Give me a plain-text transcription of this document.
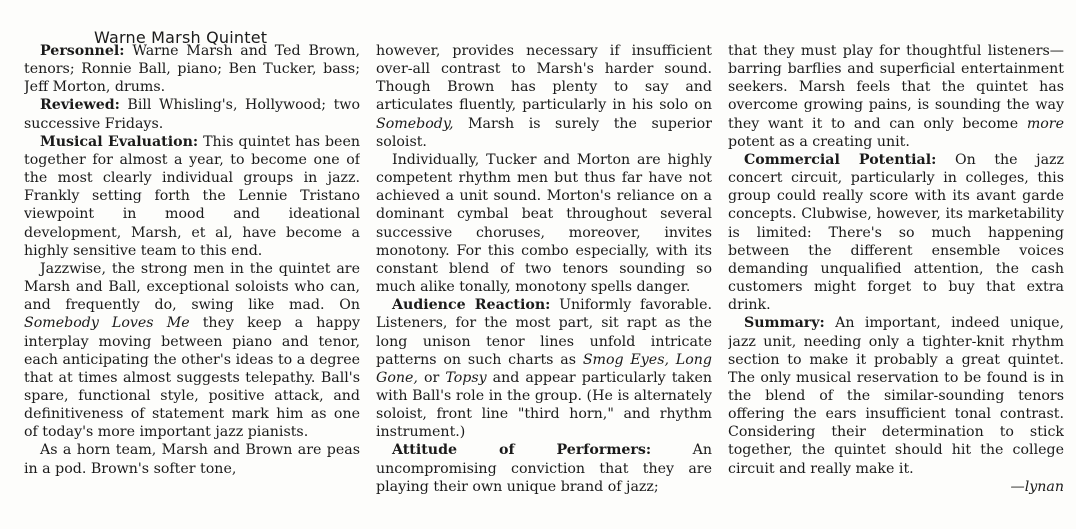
Warne Marsh Quintet

Personnel: Warne Marsh and Ted Brown, tenors; Ronnie Ball, piano; Ben Tucker, bass; Jeff Morton, drums.

Reviewed: Bill Whisling's, Hollywood; two successive Fridays.

Musical Evaluation: This quintet has been together for almost a year, to become one of the most clearly individual groups in jazz. Frankly setting forth the Lennie Tristano viewpoint in mood and ideational development, Marsh, et al, have become a highly sensitive team to this end.

Jazzwise, the strong men in the quintet are Marsh and Ball, exceptional soloists who can, and frequently do, swing like mad. On Somebody Loves Me they keep a happy interplay moving between piano and tenor, each anticipating the other's ideas to a degree that at times almost suggests telepathy. Ball's spare, functional style, positive attack, and definitiveness of statement mark him as one of today's more important jazz pianists.

As a horn team, Marsh and Brown are peas in a pod. Brown's softer tone,

however, provides necessary if insufficient over-all contrast to Marsh's harder sound. Though Brown has plenty to say and articulates fluently, particularly in his solo on Somebody, Marsh is surely the superior soloist.

Individually, Tucker and Morton are highly competent rhythm men but thus far have not achieved a unit sound. Morton's reliance on a dominant cymbal beat throughout several successive choruses, moreover, invites monotony. For this combo especially, with its constant blend of two tenors sounding so much alike tonally, monotony spells danger.

Audience Reaction: Uniformly favorable. Listeners, for the most part, sit rapt as the long unison tenor lines unfold intricate patterns on such charts as Smog Eyes, Long Gone, or Topsy and appear particularly taken with Ball's role in the group. (He is alternately soloist, front line "third horn," and rhythm instrument.)

Attitude of Performers: An uncompromising conviction that they are playing their own unique brand of jazz;

that they must play for thoughtful listeners—barring barflies and superficial entertainment seekers. Marsh feels that the quintet has overcome growing pains, is sounding the way they want it to and can only become more potent as a creating unit.

Commercial Potential: On the jazz concert circuit, particularly in colleges, this group could really score with its avant garde concepts. Clubwise, however, its marketability is limited: There's so much happening between the different ensemble voices demanding unqualified attention, the cash customers might forget to buy that extra drink.

Summary: An important, indeed unique, jazz unit, needing only a tighter-knit rhythm section to make it probably a great quintet. The only musical reservation to be found is in the blend of the similar-sounding tenors offering the ears insufficient tonal contrast. Considering their determination to stick together, the quintet should hit the college circuit and really make it.

—lynan
